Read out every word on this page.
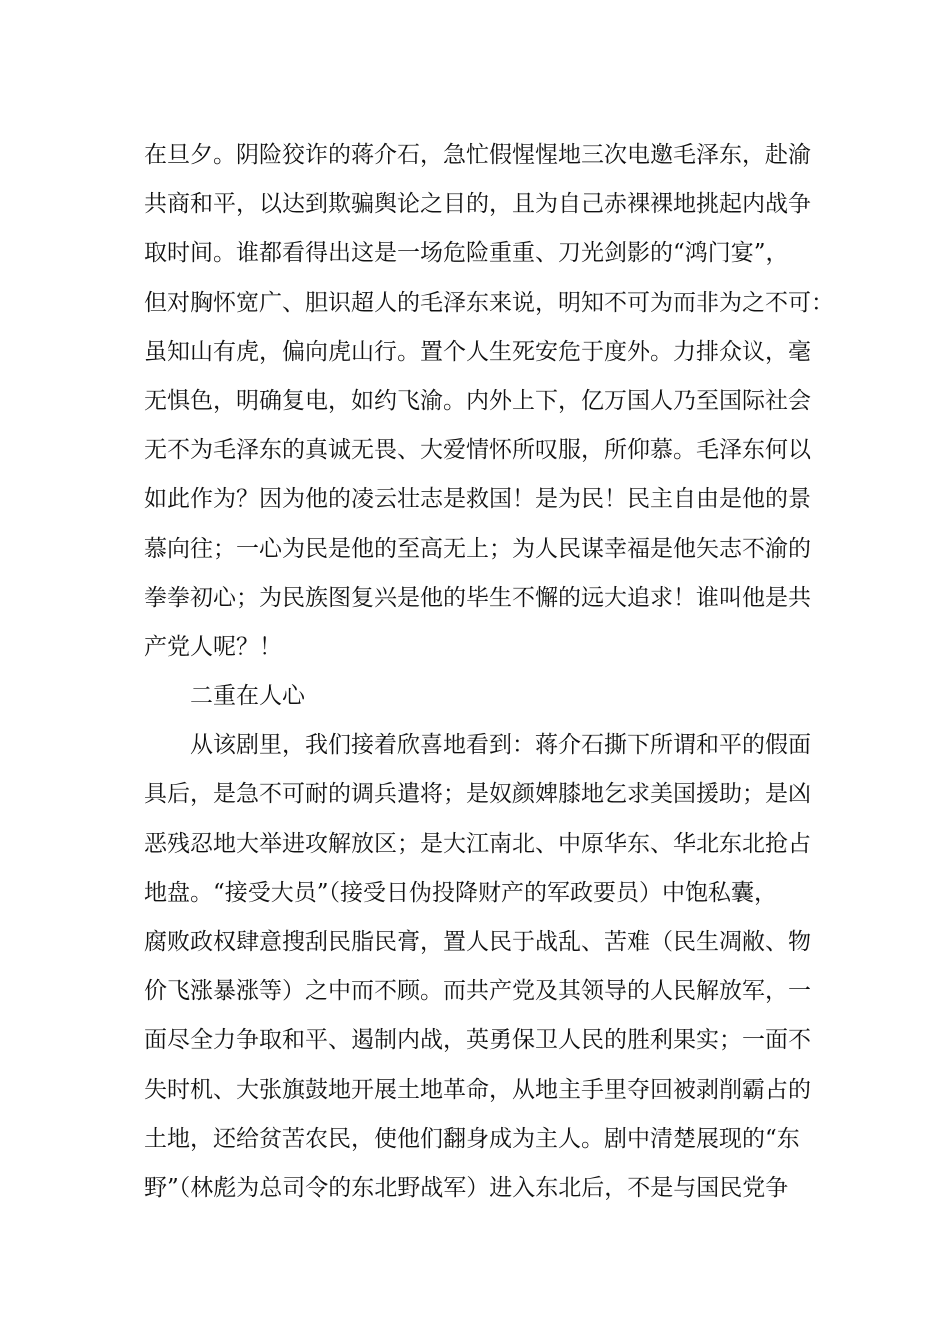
在旦夕。阴险狡诈的蒋介石，急忙假惺惺地三次电邀毛泽东，赴渝
共商和平，以达到欺骗舆论之目的，且为自己赤裸裸地挑起内战争
取时间。谁都看得出这是一场危险重重、刀光剑影的“鸿门宴”，
但对胸怀宽广、胆识超人的毛泽东来说，明知不可为而非为之不可：
虽知山有虎，偏向虎山行。置个人生死安危于度外。力排众议，毫
无惧色，明确复电，如约飞渝。内外上下，亿万国人乃至国际社会
无不为毛泽东的真诚无畏、大爱情怀所叹服，所仰慕。毛泽东何以
如此作为？因为他的凌云壮志是救国！是为民！民主自由是他的景
慕向往；一心为民是他的至高无上；为人民谋幸福是他矢志不渝的
拳拳初心；为民族图复兴是他的毕生不懈的远大追求！谁叫他是共
产党人呢？！
二重在人心
从该剧里，我们接着欣喜地看到：蒋介石撕下所谓和平的假面
具后，是急不可耐的调兵遣将；是奴颜婢膝地乞求美国援助；是凶
恶残忍地大举进攻解放区；是大江南北、中原华东、华北东北抢占
地盘。“接受大员”（接受日伪投降财产的军政要员）中饱私囊，
腐败政权肆意搜刮民脂民膏，置人民于战乱、苦难（民生凋敝、物
价飞涨暴涨等）之中而不顾。而共产党及其领导的人民解放军，一
面尽全力争取和平、遏制内战，英勇保卫人民的胜利果实；一面不
失时机、大张旗鼓地开展土地革命，从地主手里夺回被剥削霸占的
土地，还给贫苦农民，使他们翻身成为主人。剧中清楚展现的“东
野”（林彪为总司令的东北野战军）进入东北后，不是与国民党争
